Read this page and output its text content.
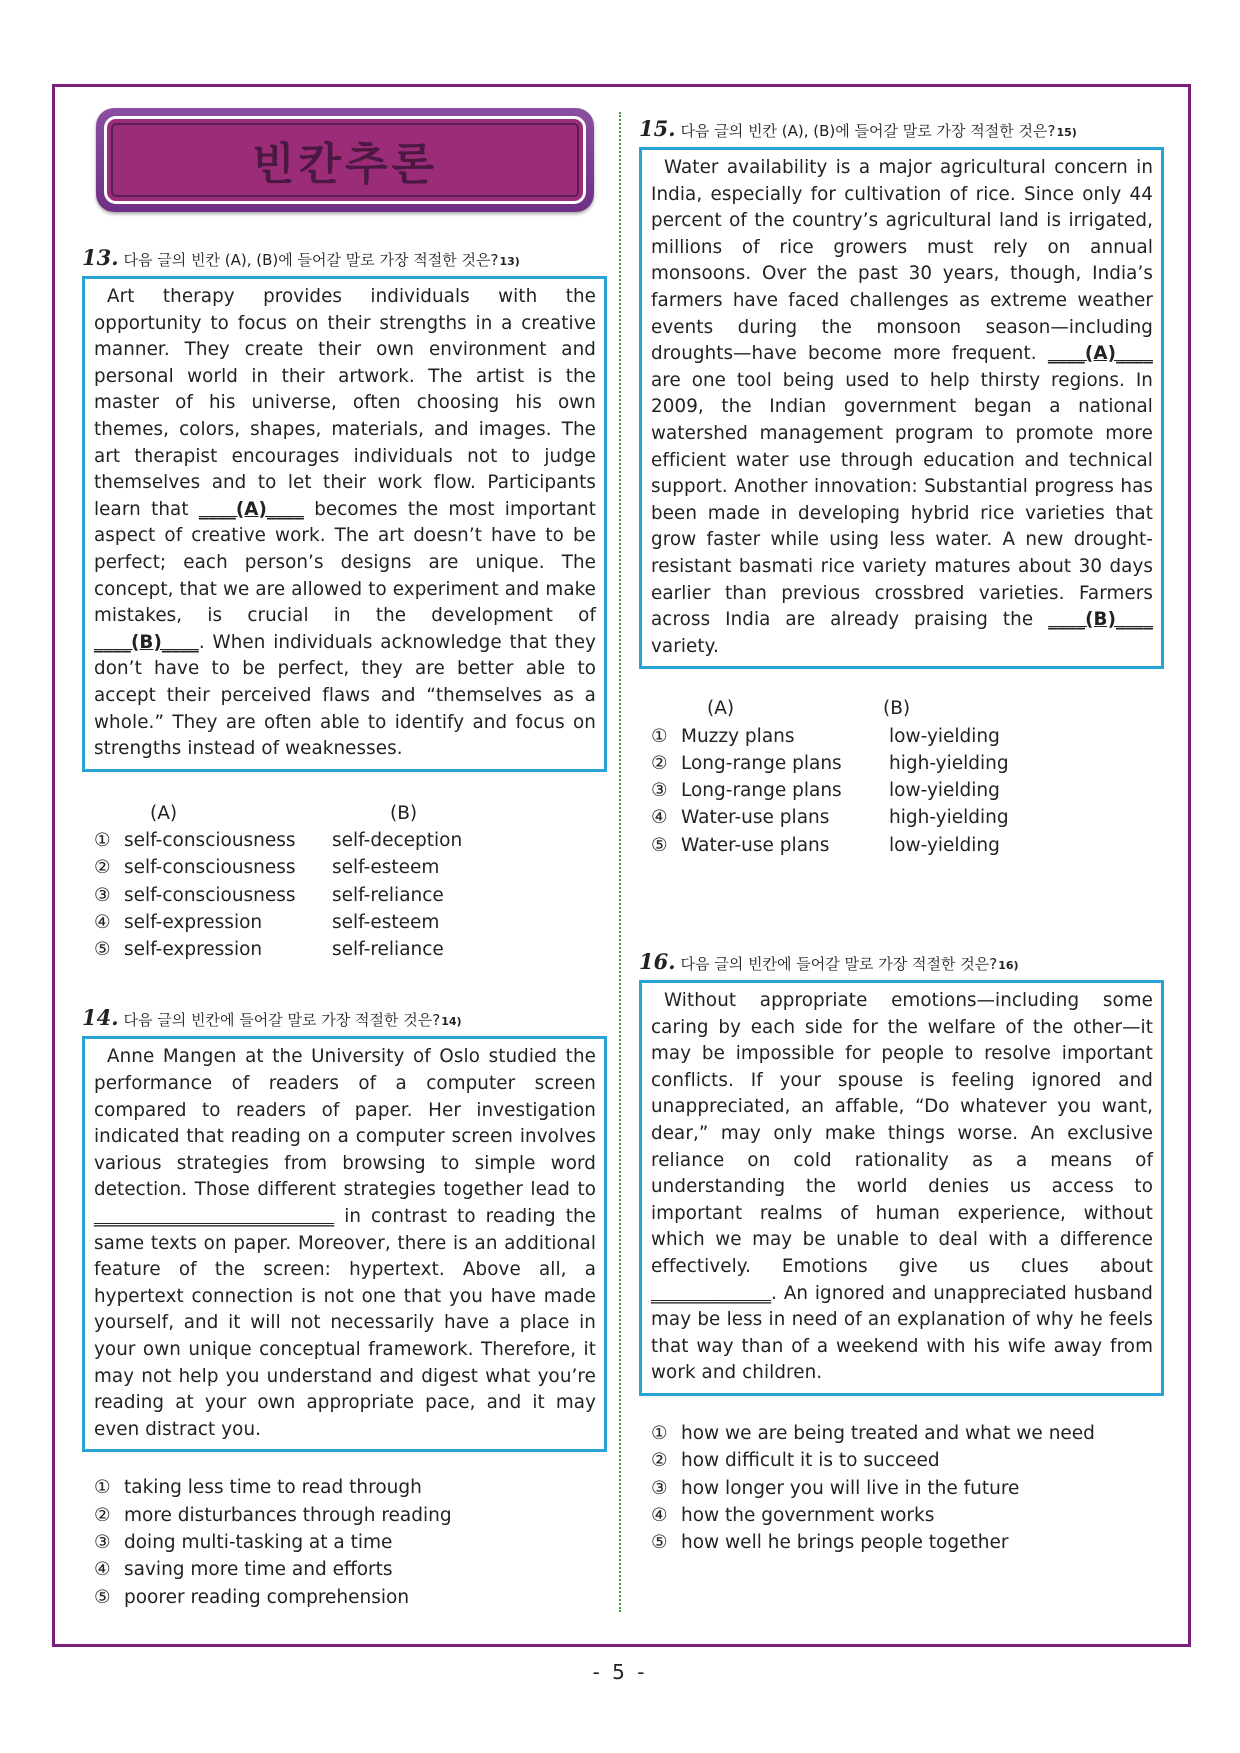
빈칸추론
13. 다음 글의 빈칸 (A), (B)에 들어갈 말로 가장 적절한 것은? 13)
Art therapy provides individuals with the opportunity to focus on their strengths in a creative manner. They create their own environment and personal world in their artwork. The artist is the master of his universe, often choosing his own themes, colors, shapes, materials, and images. The art therapist encourages individuals not to judge themselves and to let their work flow. Participants learn that ____(A)____ becomes the most important aspect of creative work. The art doesn’t have to be perfect; each person’s designs are unique. The concept, that we are allowed to experiment and make mistakes, is crucial in the development of ____(B)____. When individuals acknowledge that they don’t have to be perfect, they are better able to accept their perceived flaws and “themselves as a whole.” They are often able to identify and focus on strengths instead of weaknesses.
(A)	(B)
① self-consciousness	self-deception
② self-consciousness	self-esteem
③ self-consciousness	self-reliance
④ self-expression	self-esteem
⑤ self-expression	self-reliance
14. 다음 글의 빈칸에 들어갈 말로 가장 적절한 것은? 14)
Anne Mangen at the University of Oslo studied the performance of readers of a computer screen compared to readers of paper. Her investigation indicated that reading on a computer screen involves various strategies from browsing to simple word detection. Those different strategies together lead to __________________________ in contrast to reading the same texts on paper. Moreover, there is an additional feature of the screen: hypertext. Above all, a hypertext connection is not one that you have made yourself, and it will not necessarily have a place in your own unique conceptual framework. Therefore, it may not help you understand and digest what you’re reading at your own appropriate pace, and it may even distract you.
① taking less time to read through
② more disturbances through reading
③ doing multi-tasking at a time
④ saving more time and efforts
⑤ poorer reading comprehension
15. 다음 글의 빈칸 (A), (B)에 들어갈 말로 가장 적절한 것은? 15)
Water availability is a major agricultural concern in India, especially for cultivation of rice. Since only 44 percent of the country’s agricultural land is irrigated, millions of rice growers must rely on annual monsoons. Over the past 30 years, though, India’s farmers have faced challenges as extreme weather events during the monsoon season—including droughts—have become more frequent. ____(A)____ are one tool being used to help thirsty regions. In 2009, the Indian government began a national watershed management program to promote more efficient water use through education and technical support. Another innovation: Substantial progress has been made in developing hybrid rice varieties that grow faster while using less water. A new drought-resistant basmati rice variety matures about 30 days earlier than previous crossbred varieties. Farmers across India are already praising the ____(B)____ variety.
(A)	(B)
① Muzzy plans	low-yielding
② Long-range plans	high-yielding
③ Long-range plans	low-yielding
④ Water-use plans	high-yielding
⑤ Water-use plans	low-yielding
16. 다음 글의 빈칸에 들어갈 말로 가장 적절한 것은? 16)
Without appropriate emotions—including some caring by each side for the welfare of the other—it may be impossible for people to resolve important conflicts. If your spouse is feeling ignored and unappreciated, an affable, “Do whatever you want, dear,” may only make things worse. An exclusive reliance on cold rationality as a means of understanding the world denies us access to important realms of human experience, without which we may be unable to deal with a difference effectively. Emotions give us clues about _____________. An ignored and unappreciated husband may be less in need of an explanation of why he feels that way than of a weekend with his wife away from work and children.
① how we are being treated and what we need
② how difficult it is to succeed
③ how longer you will live in the future
④ how the government works
⑤ how well he brings people together
- 5 -
